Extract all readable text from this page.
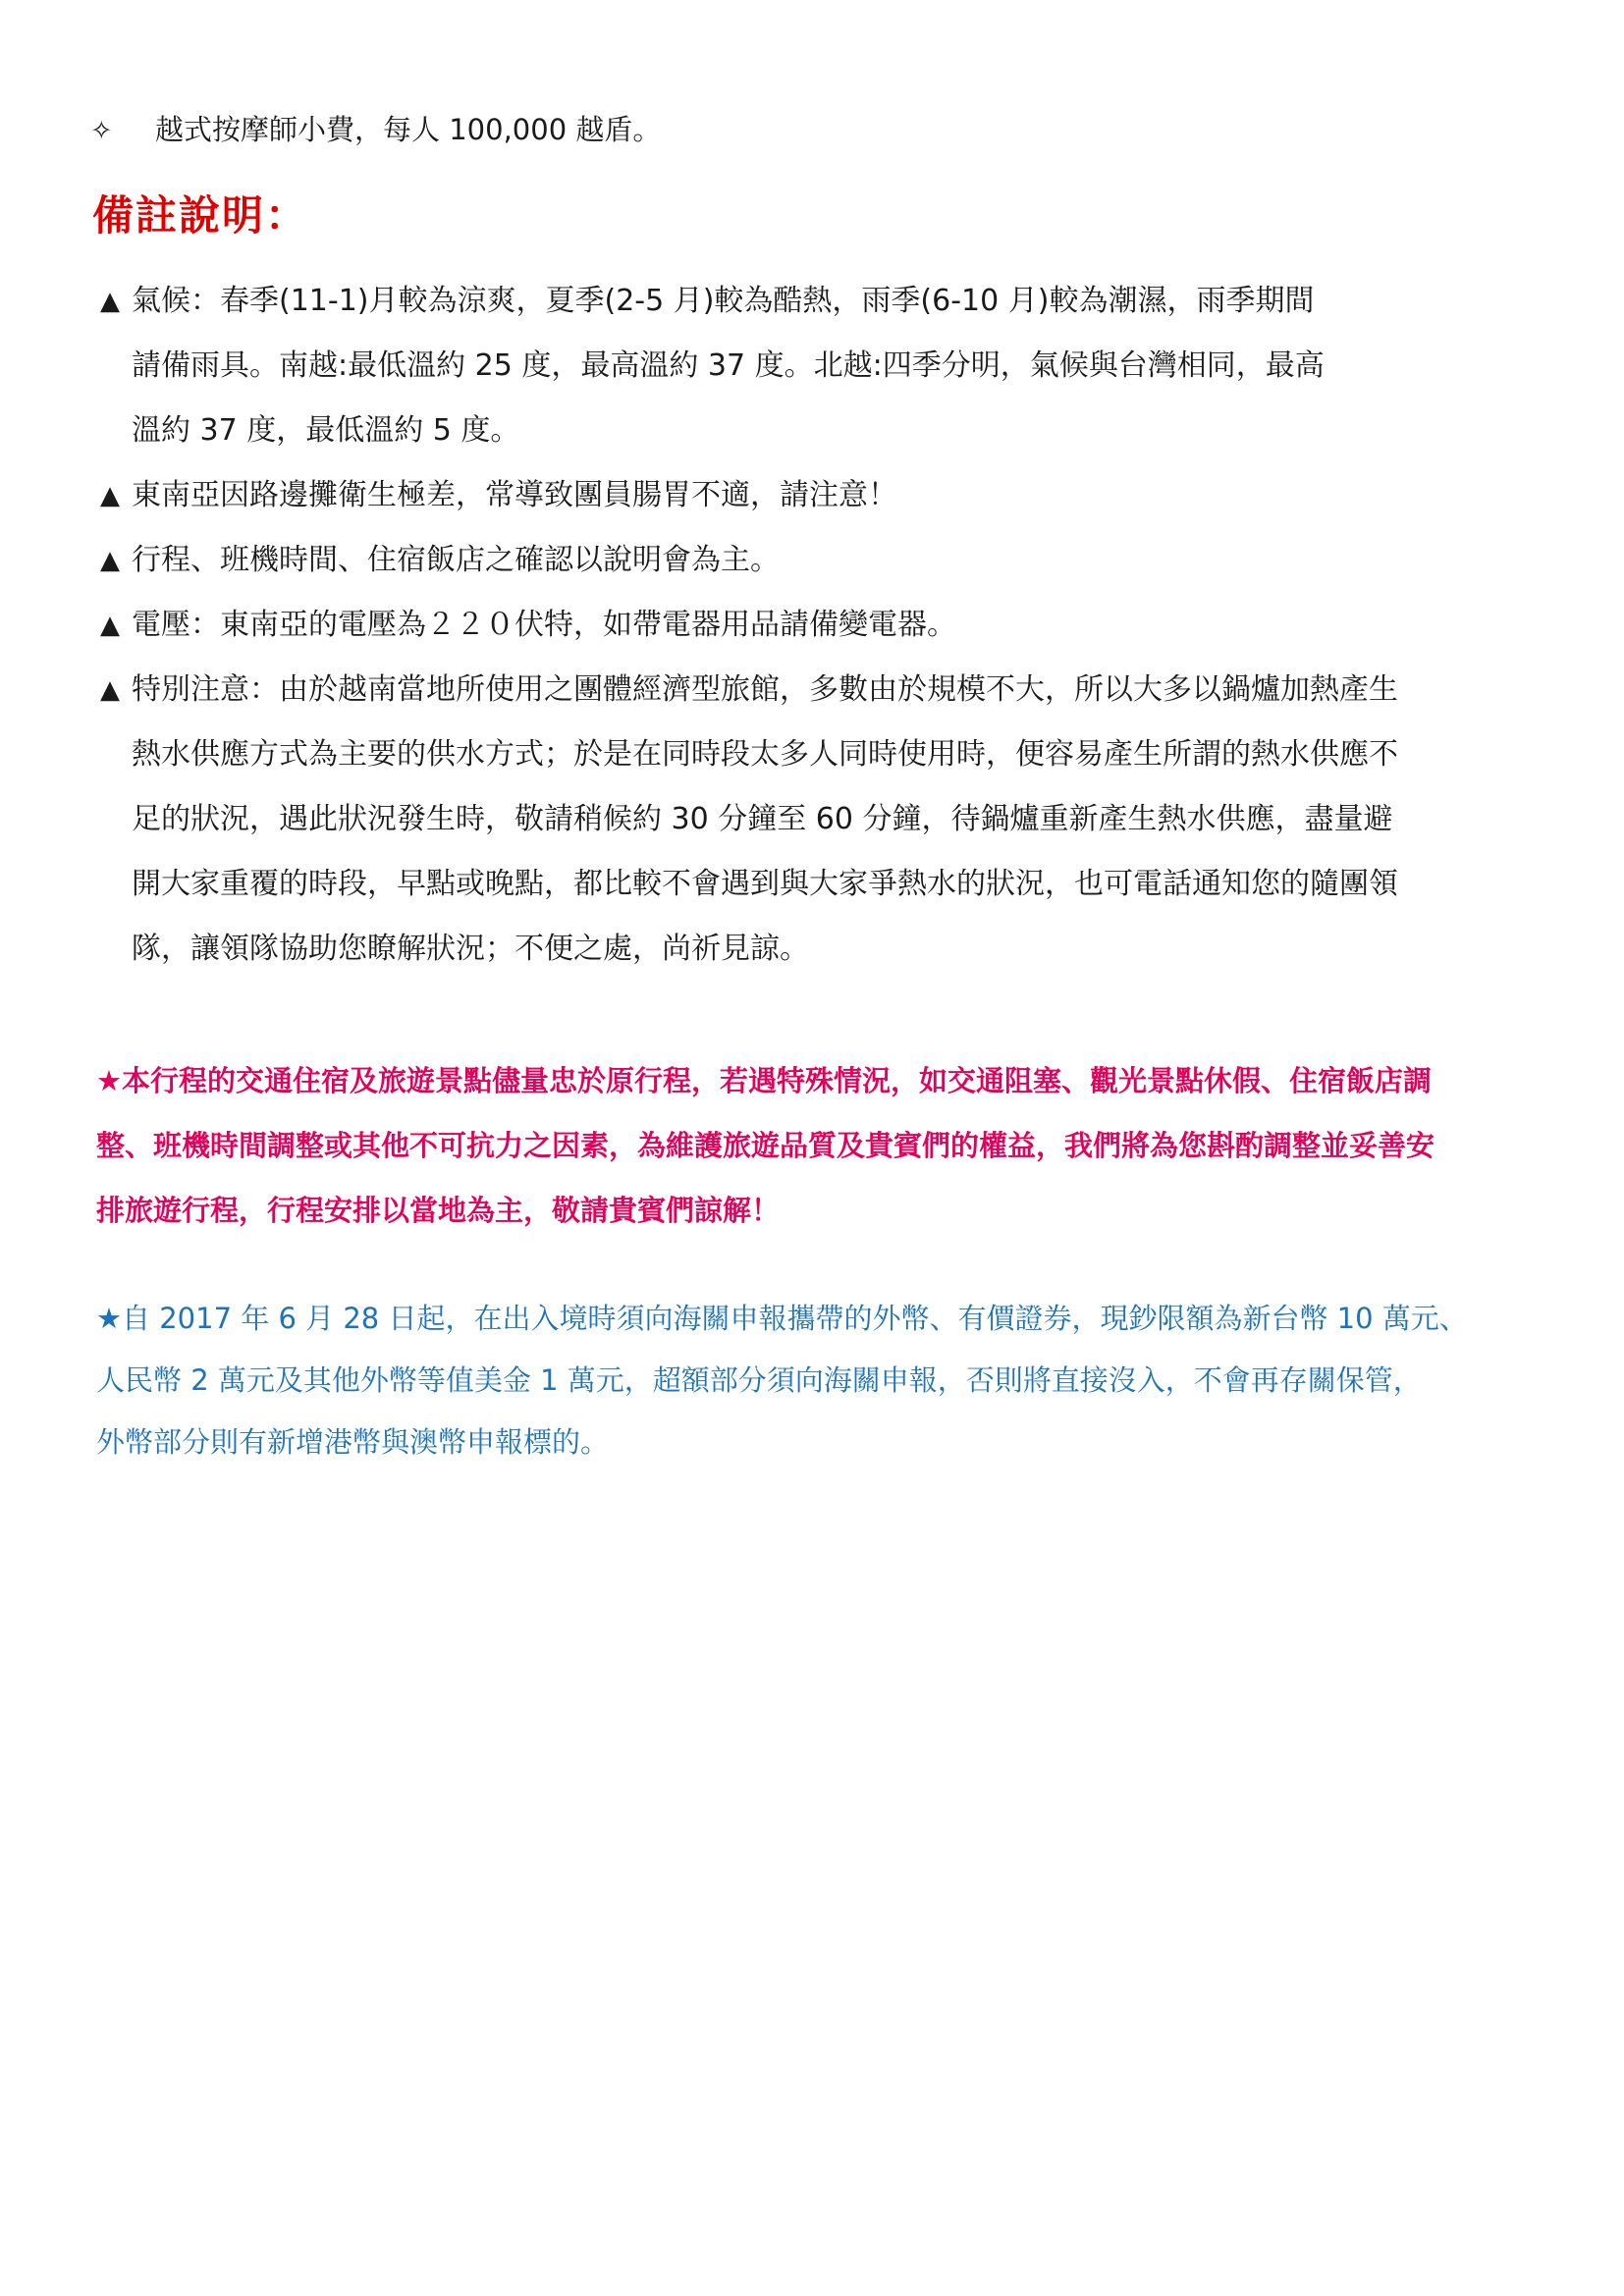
✧ 越式按摩師小費，每人 100,000 越盾。
備註說明：
▲ 氣候：春季(11-1)月較為涼爽，夏季(2-5 月)較為酷熱，雨季(6-10 月)較為潮濕，雨季期間
請備雨具。南越:最低溫約 25 度，最高溫約 37 度。北越:四季分明，氣候與台灣相同，最高
溫約 37 度，最低溫約 5 度。
▲ 東南亞因路邊攤衛生極差，常導致團員腸胃不適，請注意！
▲ 行程、班機時間、住宿飯店之確認以說明會為主。
▲ 電壓：東南亞的電壓為２２０伏特，如帶電器用品請備變電器。
▲ 特別注意：由於越南當地所使用之團體經濟型旅館，多數由於規模不大，所以大多以鍋爐加熱產生
熱水供應方式為主要的供水方式；於是在同時段太多人同時使用時，便容易產生所謂的熱水供應不
足的狀況，遇此狀況發生時，敬請稍候約 30 分鐘至 60 分鐘，待鍋爐重新產生熱水供應，盡量避
開大家重覆的時段，早點或晚點，都比較不會遇到與大家爭熱水的狀況，也可電話通知您的隨團領
隊，讓領隊協助您瞭解狀況；不便之處，尚祈見諒。
★本行程的交通住宿及旅遊景點儘量忠於原行程，若遇特殊情況，如交通阻塞、觀光景點休假、住宿飯店調
整、班機時間調整或其他不可抗力之因素，為維護旅遊品質及貴賓們的權益，我們將為您斟酌調整並妥善安
排旅遊行程，行程安排以當地為主，敬請貴賓們諒解！
★自 2017 年 6 月 28 日起，在出入境時須向海關申報攜帶的外幣、有價證券，現鈔限額為新台幣 10 萬元、
人民幣 2 萬元及其他外幣等值美金 1 萬元，超額部分須向海關申報，否則將直接沒入，不會再存關保管，
外幣部分則有新增港幣與澳幣申報標的。
